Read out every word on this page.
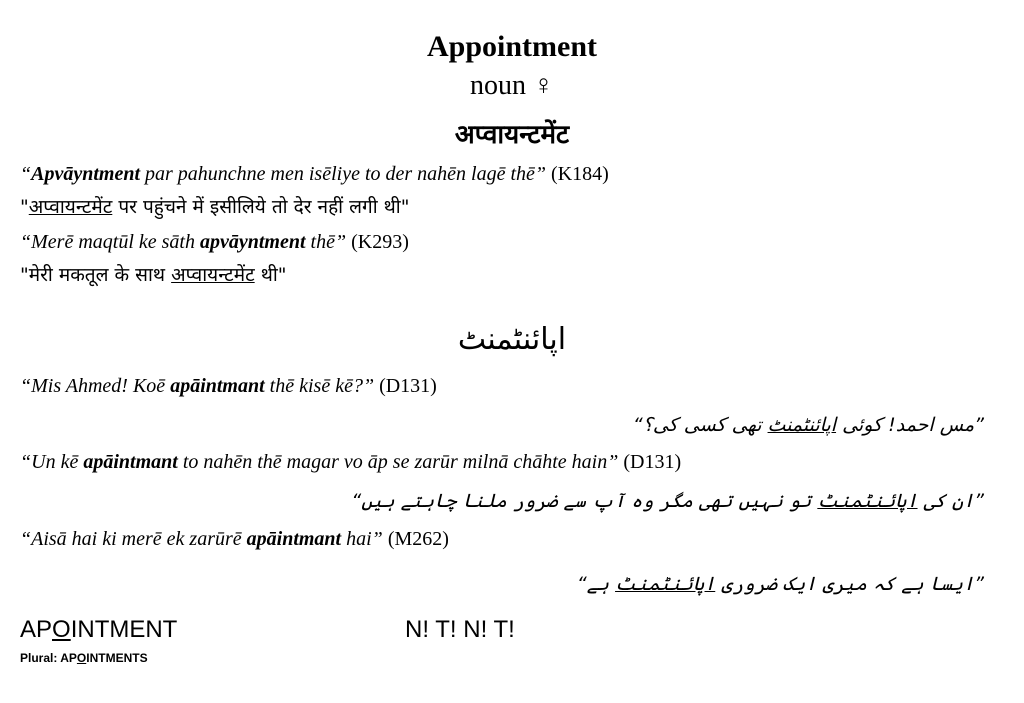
Appointment
noun ♀
अप्वायन्टमेंट
“Apvāyntment par pahunchne men isēliye to der nahēn lagē thē” (K184)
"अप्वायन्टमेंट पर पहुंचने में इसीलिये तो देर नहीं लगी थी"
“Merē maqtūl ke sāth apvāyntment thē” (K293)
"मेरी मकतूल के साथ अप्वायन्टमेंट थी"
اپائنٹمنٹ
“Mis Ahmed! Koē apāintmant thē kisē kē?” (D131)
”مس احمد! کوئی اپائنٹمنٹ تھی کسی کی؟“
“Un kē apāintmant to nahēn thē magar vo āp se zarūr milnā chāhte hain” (D131)
”ان کی اپائنٹمنٹ تو نہیں تھی مگر وہ آپ سے ضرور ملنا چاہتے ہیں“
“Aisā hai ki merē ek zarūrē apāintmant hai” (M262)
”ایسا ہے کہ میری ایک ضروری اپائنٹمنٹ ہے“
APOINTMENT	N! T! N! T!
Plural: APOINTMENTS
